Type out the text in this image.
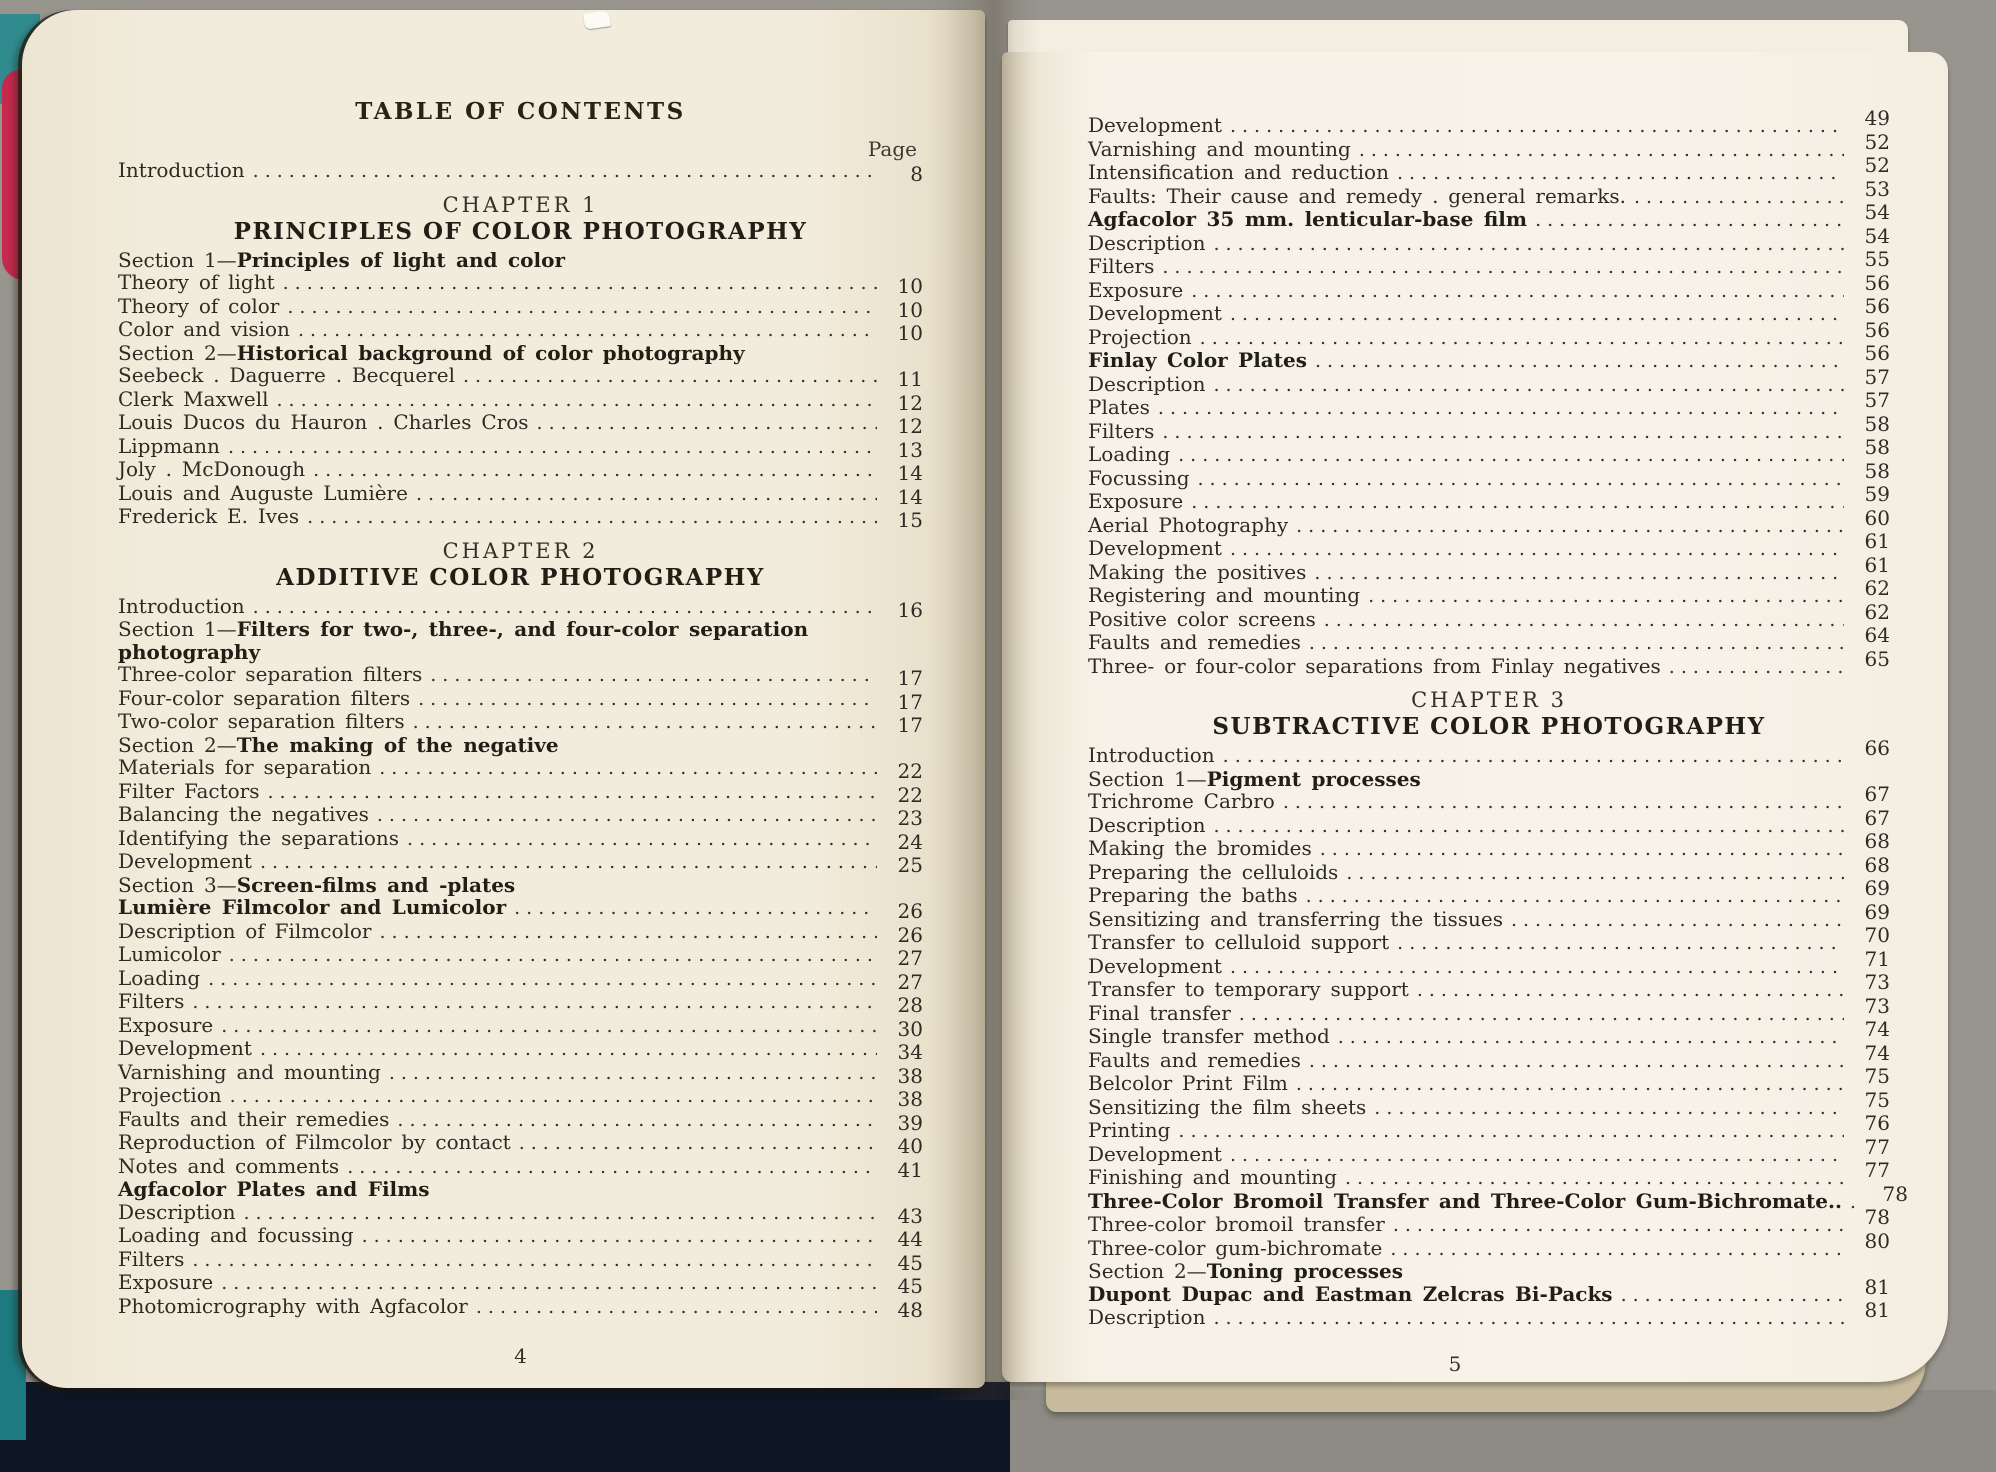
TABLE OF CONTENTS
Page
Introduction .....	8
CHAPTER 1
PRINCIPLES OF COLOR PHOTOGRAPHY
Section 1—Principles of light and color
Theory of light .....	10
Theory of color .....	10
Color and vision .....	10
Section 2—Historical background of color photography
Seebeck . Daguerre . Becquerel .....	11
Clerk Maxwell .....	12
Louis Ducos du Hauron . Charles Cros .....	12
Lippmann .....	13
Joly . McDonough .....	14
Louis and Auguste Lumière .....	14
Frederick E. Ives .....	15
CHAPTER 2
ADDITIVE COLOR PHOTOGRAPHY
Introduction .....	16
Section 1—Filters for two-, three-, and four-color separation
photography
Three-color separation filters .....	17
Four-color separation filters .....	17
Two-color separation filters .....	17
Section 2—The making of the negative
Materials for separation .....	22
Filter Factors .....	22
Balancing the negatives .....	23
Identifying the separations .....	24
Development .....	25
Section 3—Screen-films and -plates
Lumière Filmcolor and Lumicolor .....	26
Description of Filmcolor .....	26
Lumicolor .....	27
Loading .....	27
Filters .....	28
Exposure .....	30
Development .....	34
Varnishing and mounting .....	38
Projection .....	38
Faults and their remedies .....	39
Reproduction of Filmcolor by contact .....	40
Notes and comments .....	41
Agfacolor Plates and Films
Description .....	43
Loading and focussing .....	44
Filters .....	45
Exposure .....	45
Photomicrography with Agfacolor .....	48
4
Development .....	49
Varnishing and mounting .....	52
Intensification and reduction .....	52
Faults: Their cause and remedy . general remarks. .....	53
Agfacolor 35 mm. lenticular-base film .....	54
Description .....	54
Filters .....	55
Exposure .....	56
Development .....	56
Projection .....	56
Finlay Color Plates .....	56
Description .....	57
Plates .....	57
Filters .....	58
Loading .....	58
Focussing .....	58
Exposure .....	59
Aerial Photography .....	60
Development .....	61
Making the positives .....	61
Registering and mounting .....	62
Positive color screens .....	62
Faults and remedies .....	64
Three- or four-color separations from Finlay negatives .....	65
CHAPTER 3
SUBTRACTIVE COLOR PHOTOGRAPHY
Introduction .....	66
Section 1—Pigment processes
Trichrome Carbro .....	67
Description .....	67
Making the bromides .....	68
Preparing the celluloids .....	68
Preparing the baths .....	69
Sensitizing and transferring the tissues .....	69
Transfer to celluloid support .....	70
Development .....	71
Transfer to temporary support .....	73
Final transfer .....	73
Single transfer method .....	74
Faults and remedies .....	74
Belcolor Print Film .....	75
Sensitizing the film sheets .....	75
Printing .....	76
Development .....	77
Finishing and mounting .....	77
Three-Color Bromoil Transfer and Three-Color Gum-Bichromate.. .....	78
Three-color bromoil transfer .....	78
Three-color gum-bichromate .....	80
Section 2—Toning processes
Dupont Dupac and Eastman Zelcras Bi-Packs .....	81
Description .....	81
5
